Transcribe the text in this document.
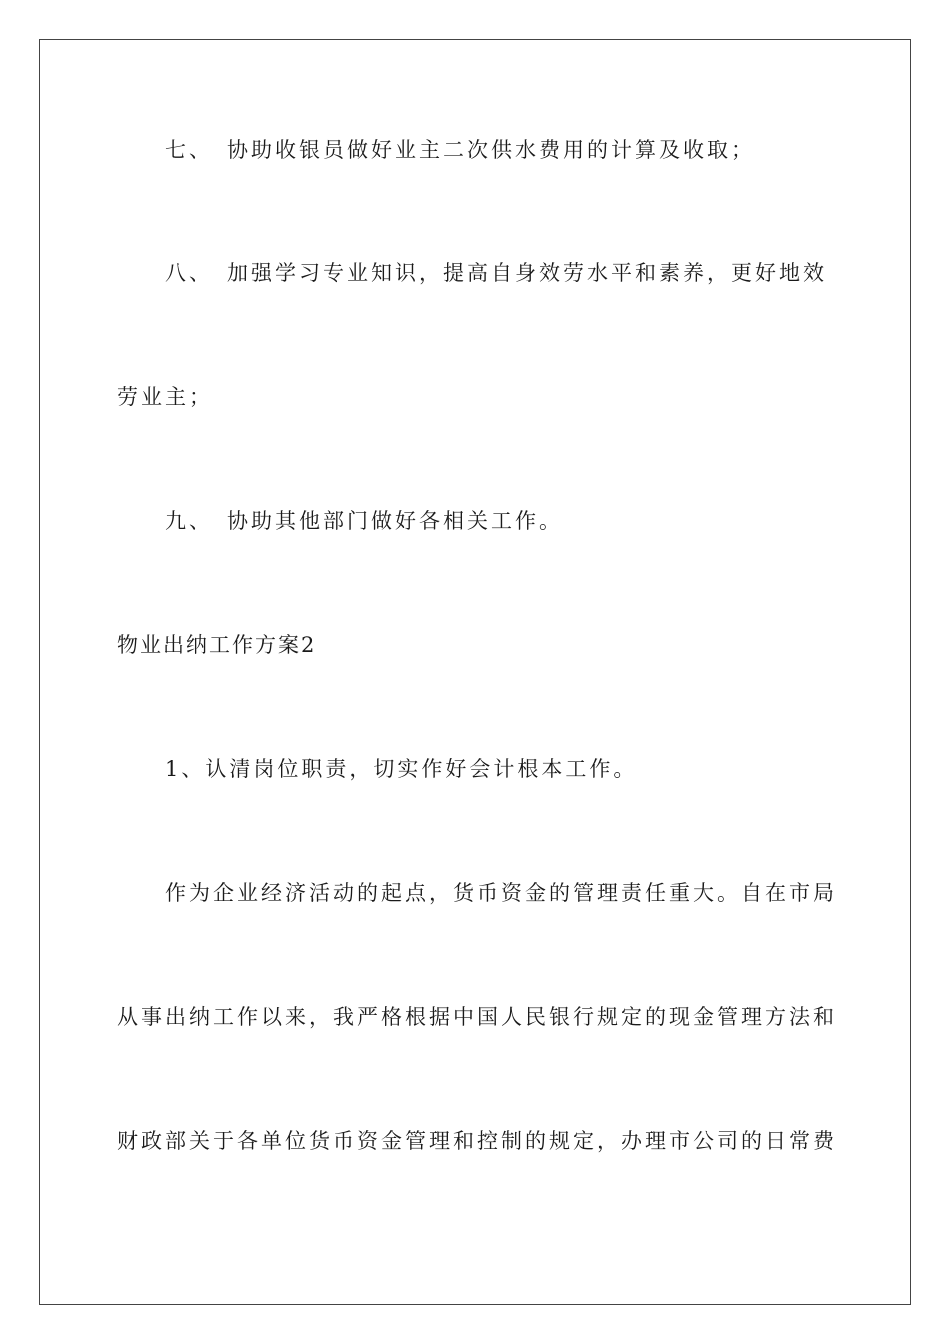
七、 协助收银员做好业主二次供水费用的计算及收取；
八、 加强学习专业知识，提高自身效劳水平和素养，更好地效
劳业主；
九、 协助其他部门做好各相关工作。
物业出纳工作方案2
1、认清岗位职责，切实作好会计根本工作。
作为企业经济活动的起点，货币资金的管理责任重大。自在市局
从事出纳工作以来，我严格根据中国人民银行规定的现金管理方法和
财政部关于各单位货币资金管理和控制的规定，办理市公司的日常费
